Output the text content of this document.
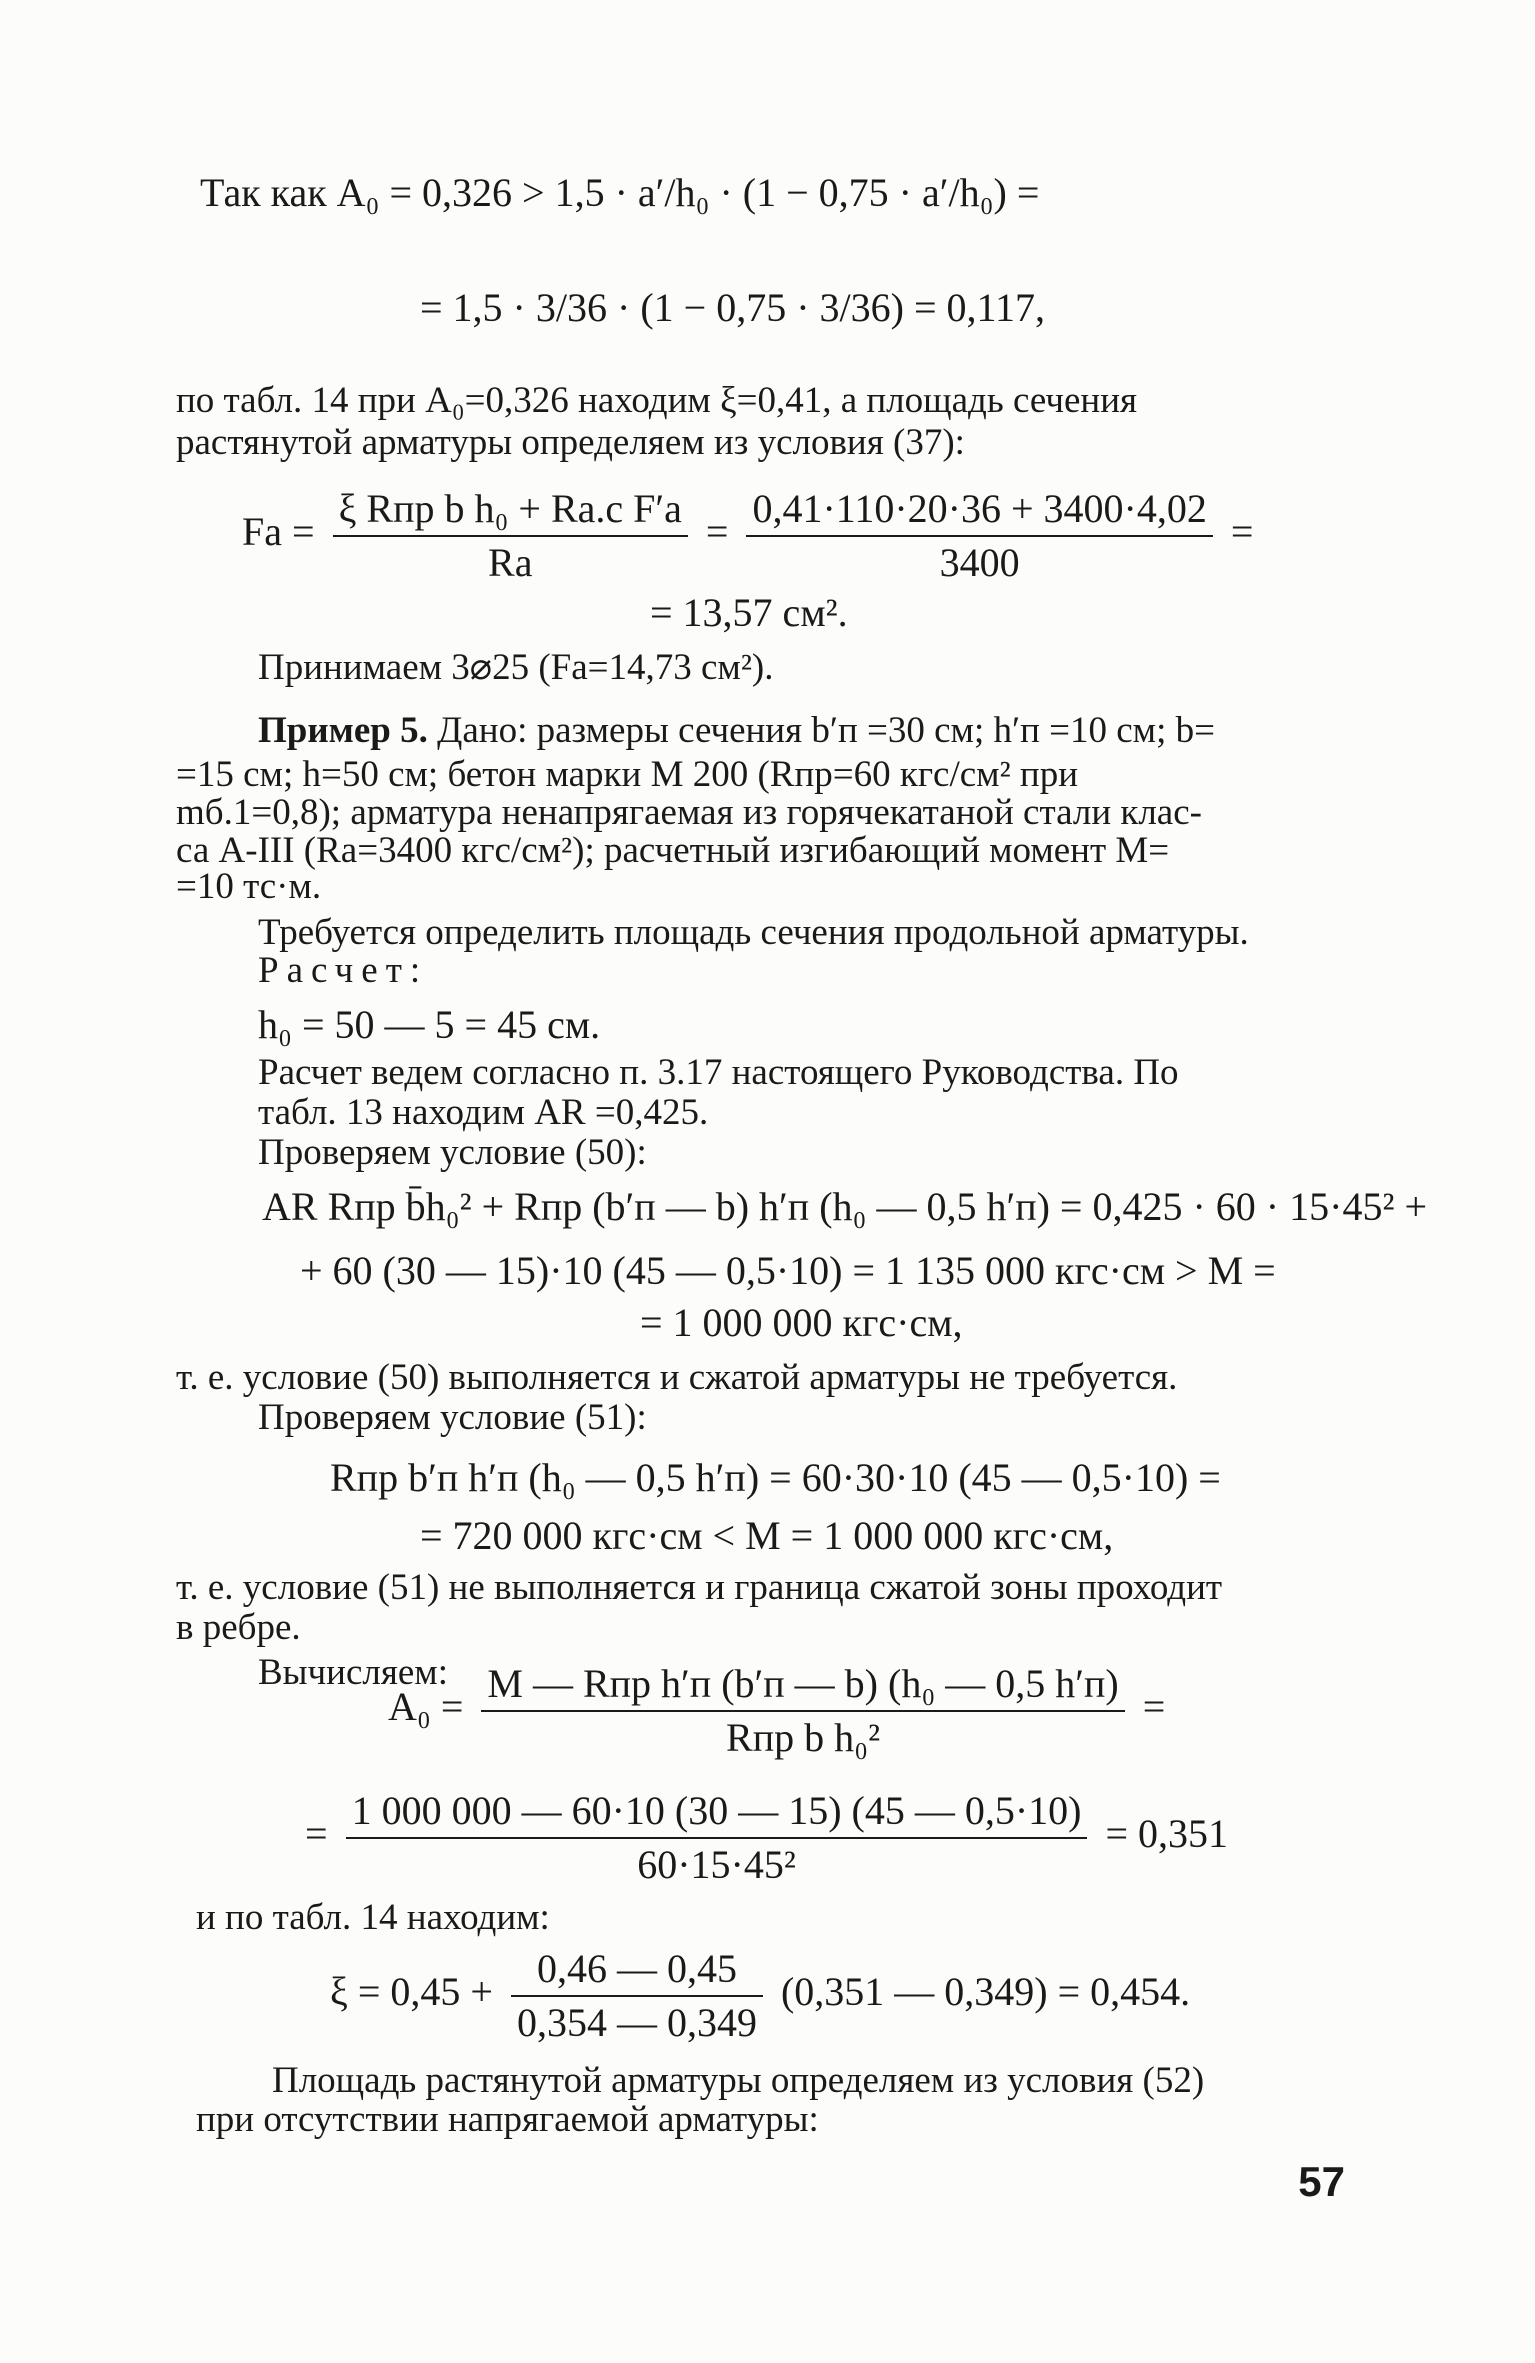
Так как A₀ = 0,326 > 1,5 · a′/h₀ · (1 − 0,75 · a′/h₀) =
= 1,5 · 3/36 · (1 − 0,75 · 3/36) = 0,117,
по табл. 14 при A₀=0,326 находим ξ=0,41, а площадь сечения
растянутой арматуры определяем из условия (37):
Fа = $\frac{\text{ξ Rпр b h₀ + Rа.с F′а}}{Rа} = \frac{0,41\cdot 110\cdot 20\cdot 36 + 3400\cdot 4,02}{3400}$ =
= 13,57 см².
Принимаем 3⌀25 (Fа=14,73 см²).
Пример 5. Дано: размеры сечения b′п =30 см; h′п =10 см; b=
=15 см; h=50 см; бетон марки М 200 (Rпр=60 кгс/см² при
mб.1=0,8); арматура ненапрягаемая из горячекатаной стали клас-
са А-III (Rа=3400 кгс/см²); расчетный изгибающий момент M=
=10 тс·м.
Требуется определить площадь сечения продольной арматуры.
Расчет:
h₀ = 50 — 5 = 45 см.
Расчет ведем согласно п. 3.17 настоящего Руководства. По
табл. 13 находим AR =0,425.
Проверяем условие (50):
AR Rпр b̄h₀² + Rпр (b′п — b) h′п (h₀ — 0,5 h′п) = 0,425 · 60 · 15·45² +
+ 60 (30 — 15)·10 (45 — 0,5·10) = 1 135 000 кгс·см > M =
= 1 000 000 кгс·см,
т. е. условие (50) выполняется и сжатой арматуры не требуется.
Проверяем условие (51):
Rпр b′п h′п (h₀ — 0,5 h′п) = 60·30·10 (45 — 0,5·10) =
= 720 000 кгс·см < M = 1 000 000 кгс·см,
т. е. условие (51) не выполняется и граница сжатой зоны проходит
в ребре.
Вычисляем:
$A_0 = \frac{\text{M — Rпр h′п (b′п — b) (h₀ — 0,5 h′п)}}{\text{Rпр b h₀²}}$ =
= $\frac{1 000 000 — 60\cdot 10 (30 — 15) (45 — 0,5\cdot 10)}{\text{60·15·45²}} = 0,351$
и по табл. 14 находим:
$\xi = 0,45 + \frac{0,46 — 0,45}{0,354 — 0,349} (0,351$ — 0,349) = 0,454.
Площадь растянутой арматуры определяем из условия (52)
при отсутствии напрягаемой арматуры:
57
